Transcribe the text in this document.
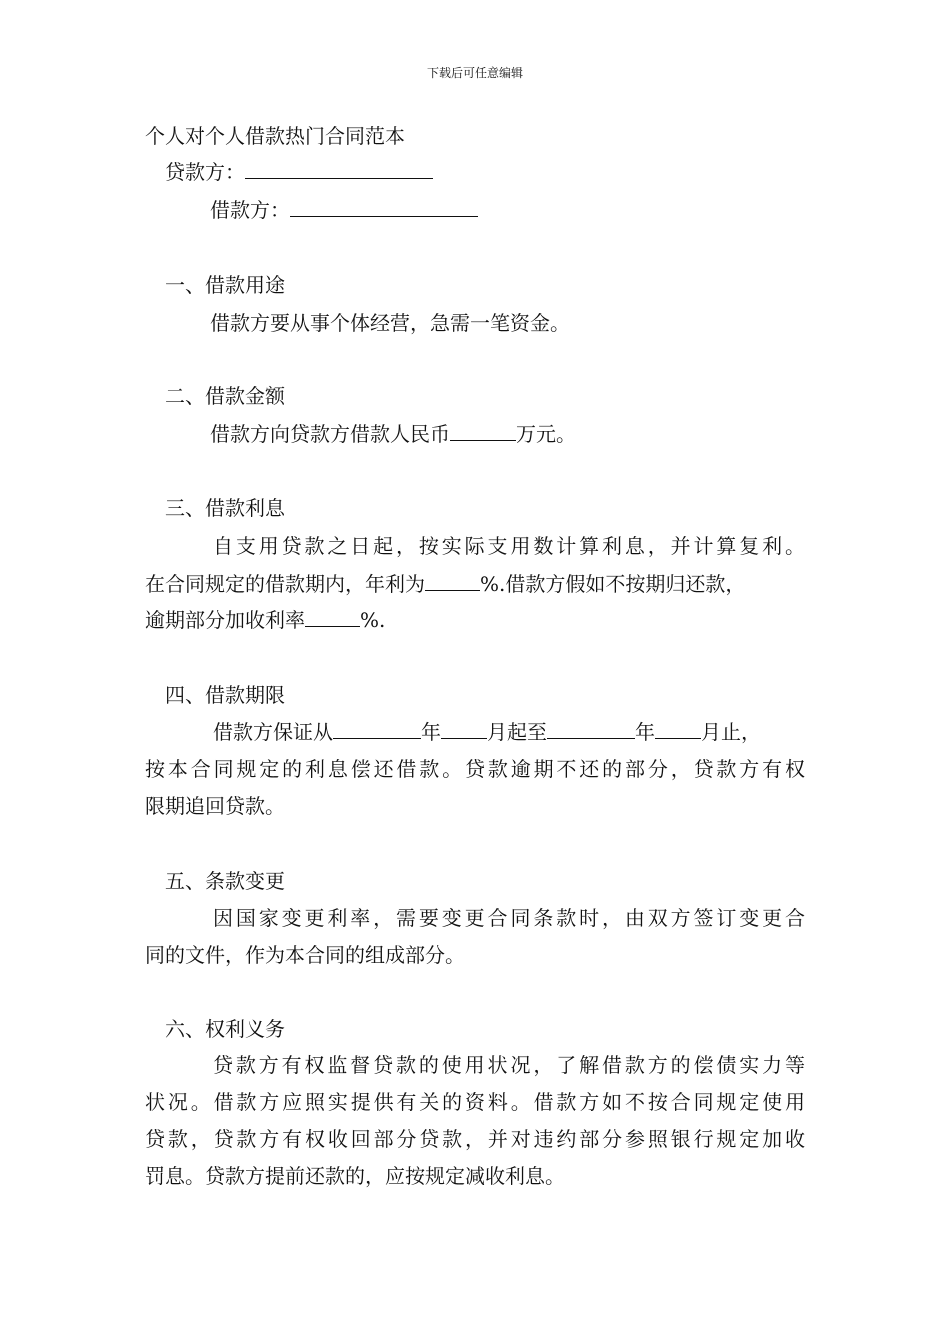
下载后可任意编辑
个人对个人借款热门合同范本
贷款方：
借款方：
一、借款用途
借款方要从事个体经营，急需一笔资金。
二、借款金额
借款方向贷款方借款人民币	万元。
三、借款利息
自支用贷款之日起，按实际支用数计算利息，并计算复利。
在合同规定的借款期内，年利为	%.借款方假如不按期归还款，
逾期部分加收利率	%.
四、借款期限
借款方保证从	年 月起至	年 月止，
按本合同规定的利息偿还借款。贷款逾期不还的部分，贷款方有权
限期追回贷款。
五、条款变更
因国家变更利率，需要变更合同条款时，由双方签订变更合
同的文件，作为本合同的组成部分。
六、权利义务
贷款方有权监督贷款的使用状况，了解借款方的偿债实力等
状况。借款方应照实提供有关的资料。借款方如不按合同规定使用
贷款，贷款方有权收回部分贷款，并对违约部分参照银行规定加收
罚息。贷款方提前还款的，应按规定减收利息。
